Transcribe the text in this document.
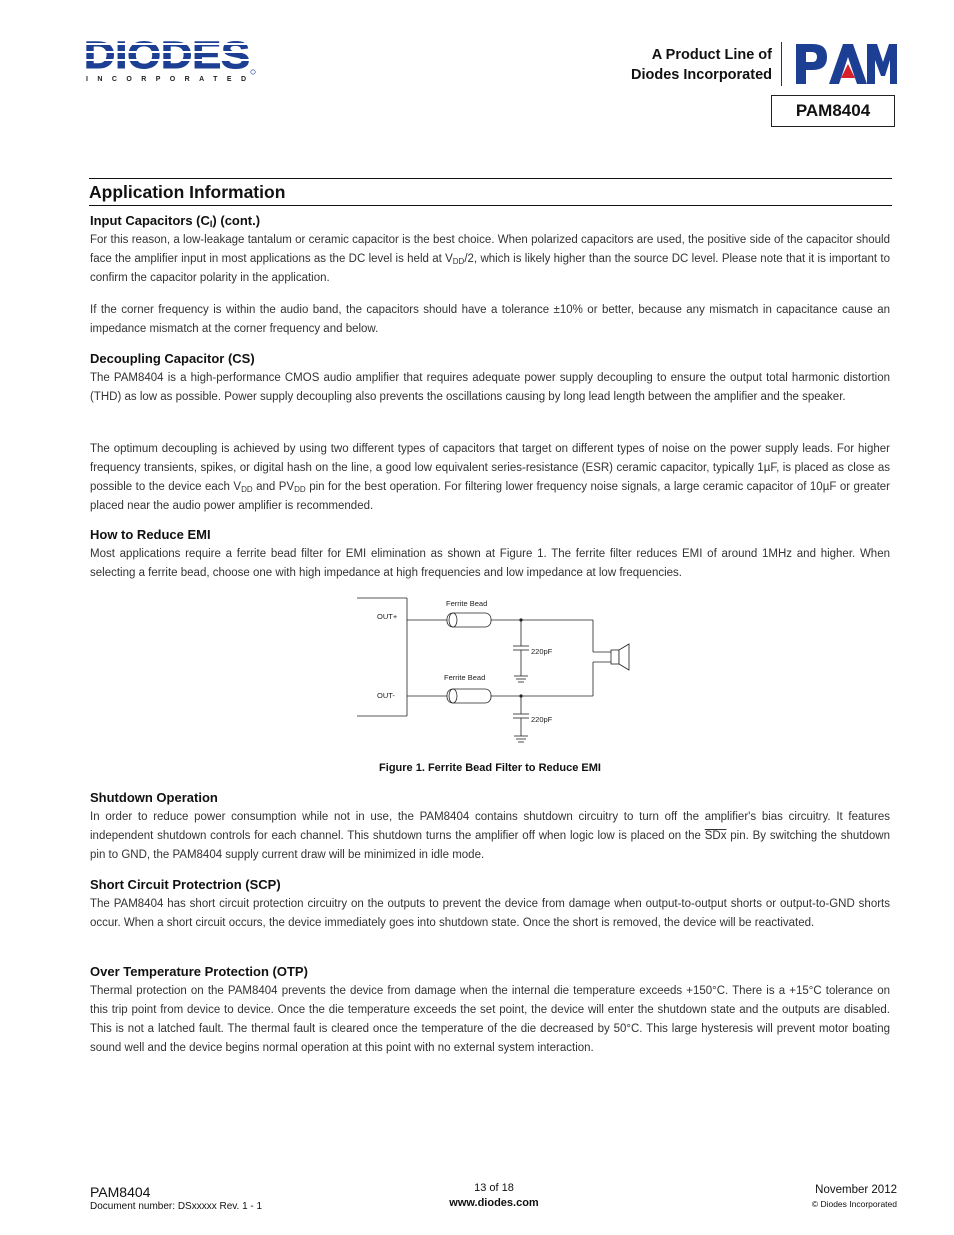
DIODES
INCORPORATED
A Product Line of
Diodes Incorporated
PAM8404
Application Information
Input Capacitors $(C_I)$ (cont.)
For this reason, a low-leakage tantalum or ceramic capacitor is the best choice. When polarized capacitors are used, the positive side of the capacitor should face the amplifier input in most applications as the DC level is held at $V_{DD}/2$, which is likely higher than the source DC level. Please note that it is important to confirm the capacitor polarity in the application.
If the corner frequency is within the audio band, the capacitors should have a tolerance ±10% or better, because any mismatch in capacitance cause an impedance mismatch at the corner frequency and below.
Decoupling Capacitor (CS)
The PAM8404 is a high-performance CMOS audio amplifier that requires adequate power supply decoupling to ensure the output total harmonic distortion (THD) as low as possible. Power supply decoupling also prevents the oscillations causing by long lead length between the amplifier and the speaker.
The optimum decoupling is achieved by using two different types of capacitors that target on different types of noise on the power supply leads. For higher frequency transients, spikes, or digital hash on the line, a good low equivalent series-resistance (ESR) ceramic capacitor, typically 1µF, is placed as close as possible to the device each $V_{DD}$ and $PV_{DD}$ pin for the best operation. For filtering lower frequency noise signals, a large ceramic capacitor of 10µF or greater placed near the audio power amplifier is recommended.
How to Reduce EMI
Most applications require a ferrite bead filter for EMI elimination as shown at Figure 1. The ferrite filter reduces EMI of around 1MHz and higher. When selecting a ferrite bead, choose one with high impedance at high frequencies and low impedance at low frequencies.
OUT+
OUT-
Ferrite Bead
220pF
Ferrite Bead
220pF
Figure 1. Ferrite Bead Filter to Reduce EMI
Shutdown Operation
In order to reduce power consumption while not in use, the PAM8404 contains shutdown circuitry to turn off the amplifier's bias circuitry. It features independent shutdown controls for each channel. This shutdown turns the amplifier off when logic low is placed on the $\overline{SDx}$ pin. By switching the shutdown pin to GND, the PAM8404 supply current draw will be minimized in idle mode.
Short Circuit Protectrion (SCP)
The PAM8404 has short circuit protection circuitry on the outputs to prevent the device from damage when output-to-output shorts or output-to-GND shorts occur. When a short circuit occurs, the device immediately goes into shutdown state. Once the short is removed, the device will be reactivated.
Over Temperature Protection (OTP)
Thermal protection on the PAM8404 prevents the device from damage when the internal die temperature exceeds +150°C. There is a +15°C tolerance on this trip point from device to device. Once the die temperature exceeds the set point, the device will enter the shutdown state and the outputs are disabled. This is not a latched fault. The thermal fault is cleared once the temperature of the die decreased by 50°C. This large hysteresis will prevent motor boating sound well and the device begins normal operation at this point with no external system interaction.
PAM8404
Document number: DSxxxxx Rev. 1 - 1
13 of 18
www.diodes.com
November 2012
© Diodes Incorporated
